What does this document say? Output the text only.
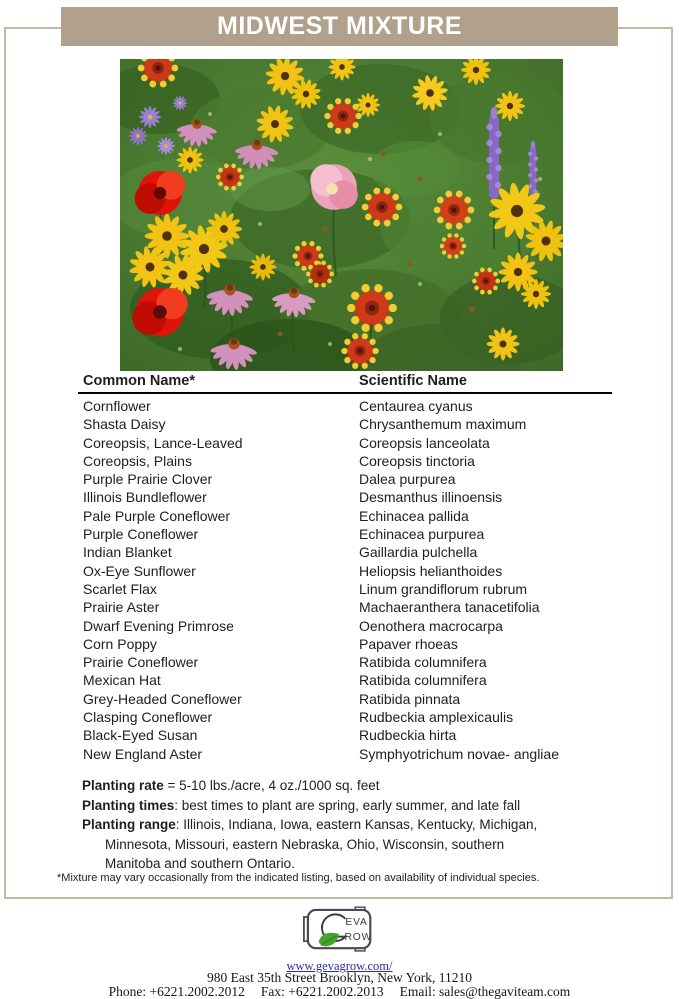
MIDWEST MIXTURE
Common Name*	Scientific Name
Cornflower	Centaurea cyanus
Shasta Daisy	Chrysanthemum maximum
Coreopsis, Lance-Leaved	Coreopsis lanceolata
Coreopsis, Plains	Coreopsis tinctoria
Purple Prairie Clover	Dalea purpurea
Illinois Bundleflower	Desmanthus illinoensis
Pale Purple Coneflower	Echinacea pallida
Purple Coneflower	Echinacea purpurea
Indian Blanket	Gaillardia pulchella
Ox-Eye Sunflower	Heliopsis helianthoides
Scarlet Flax	Linum grandiflorum rubrum
Prairie Aster	Machaeranthera tanacetifolia
Dwarf Evening Primrose	Oenothera macrocarpa
Corn Poppy	Papaver rhoeas
Prairie Coneflower	Ratibida columnifera
Mexican Hat	Ratibida columnifera
Grey-Headed Coneflower	Ratibida pinnata
Clasping Coneflower	Rudbeckia amplexicaulis
Black-Eyed Susan	Rudbeckia hirta
New England Aster	Symphyotrichum novae- angliae
Planting rate = 5-10 lbs./acre, 4 oz./1000 sq. feet
Planting times: best times to plant are spring, early summer, and late fall
Planting range: Illinois, Indiana, Iowa, eastern Kansas, Kentucky, Michigan,
Minnesota, Missouri, eastern Nebraska, Ohio, Wisconsin, southern
Manitoba and southern Ontario.
*Mixture may vary occasionally from the indicated listing, based on availability of individual species.
EVA
ROW
www.gevagrow.com/
980 East 35th Street Brooklyn, New York, 11210
Phone: +6221.2002.2012 Fax: +6221.2002.2013 Email: sales@thegaviteam.com
